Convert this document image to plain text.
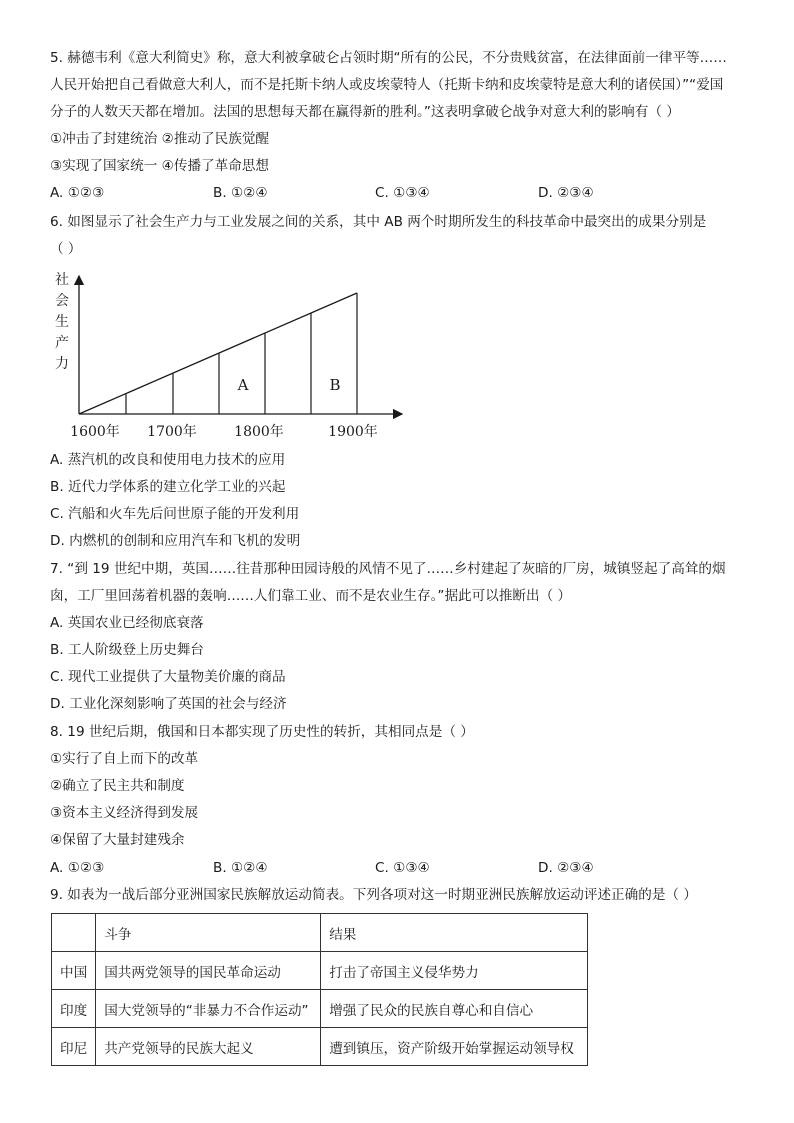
5. 赫德韦利《意大利简史》称，意大利被拿破仑占领时期“所有的公民，不分贵贱贫富，在法律面前一律平等……
人民开始把自己看做意大利人，而不是托斯卡纳人或皮埃蒙特人（托斯卡纳和皮埃蒙特是意大利的诸侯国）”“爱国
分子的人数天天都在增加。法国的思想每天都在赢得新的胜利。”这表明拿破仑战争对意大利的影响有（ ）
①冲击了封建统治 ②推动了民族觉醒
③实现了国家统一 ④传播了革命思想
A. ①②③	B. ①②④	C. ①③④	D. ②③④
6. 如图显示了社会生产力与工业发展之间的关系，其中 AB 两个时期所发生的科技革命中最突出的成果分别是
（ ）
社
会
生
产
力
A	B
1600年 1700年	1800年	1900年
A. 蒸汽机的改良和使用电力技术的应用
B. 近代力学体系的建立化学工业的兴起
C. 汽船和火车先后问世原子能的开发利用
D. 内燃机的创制和应用汽车和飞机的发明
7. “到 19 世纪中期，英国……往昔那种田园诗般的风情不见了……乡村建起了灰暗的厂房，城镇竖起了高耸的烟
囱，工厂里回荡着机器的轰响……人们靠工业、而不是农业生存。”据此可以推断出（ ）
A. 英国农业已经彻底衰落
B. 工人阶级登上历史舞台
C. 现代工业提供了大量物美价廉的商品
D. 工业化深刻影响了英国的社会与经济
8. 19 世纪后期，俄国和日本都实现了历史性的转折，其相同点是（ ）
①实行了自上而下的改革
②确立了民主共和制度
③资本主义经济得到发展
④保留了大量封建残余
A. ①②③	B. ①②④	C. ①③④	D. ②③④
9. 如表为一战后部分亚洲国家民族解放运动简表。下列各项对这一时期亚洲民族解放运动评述正确的是（ ）
	斗争	结果
中国	国共两党领导的国民革命运动	打击了帝国主义侵华势力
印度	国大党领导的“非暴力不合作运动”	增强了民众的民族自尊心和自信心
印尼	共产党领导的民族大起义	遭到镇压，资产阶级开始掌握运动领导权
